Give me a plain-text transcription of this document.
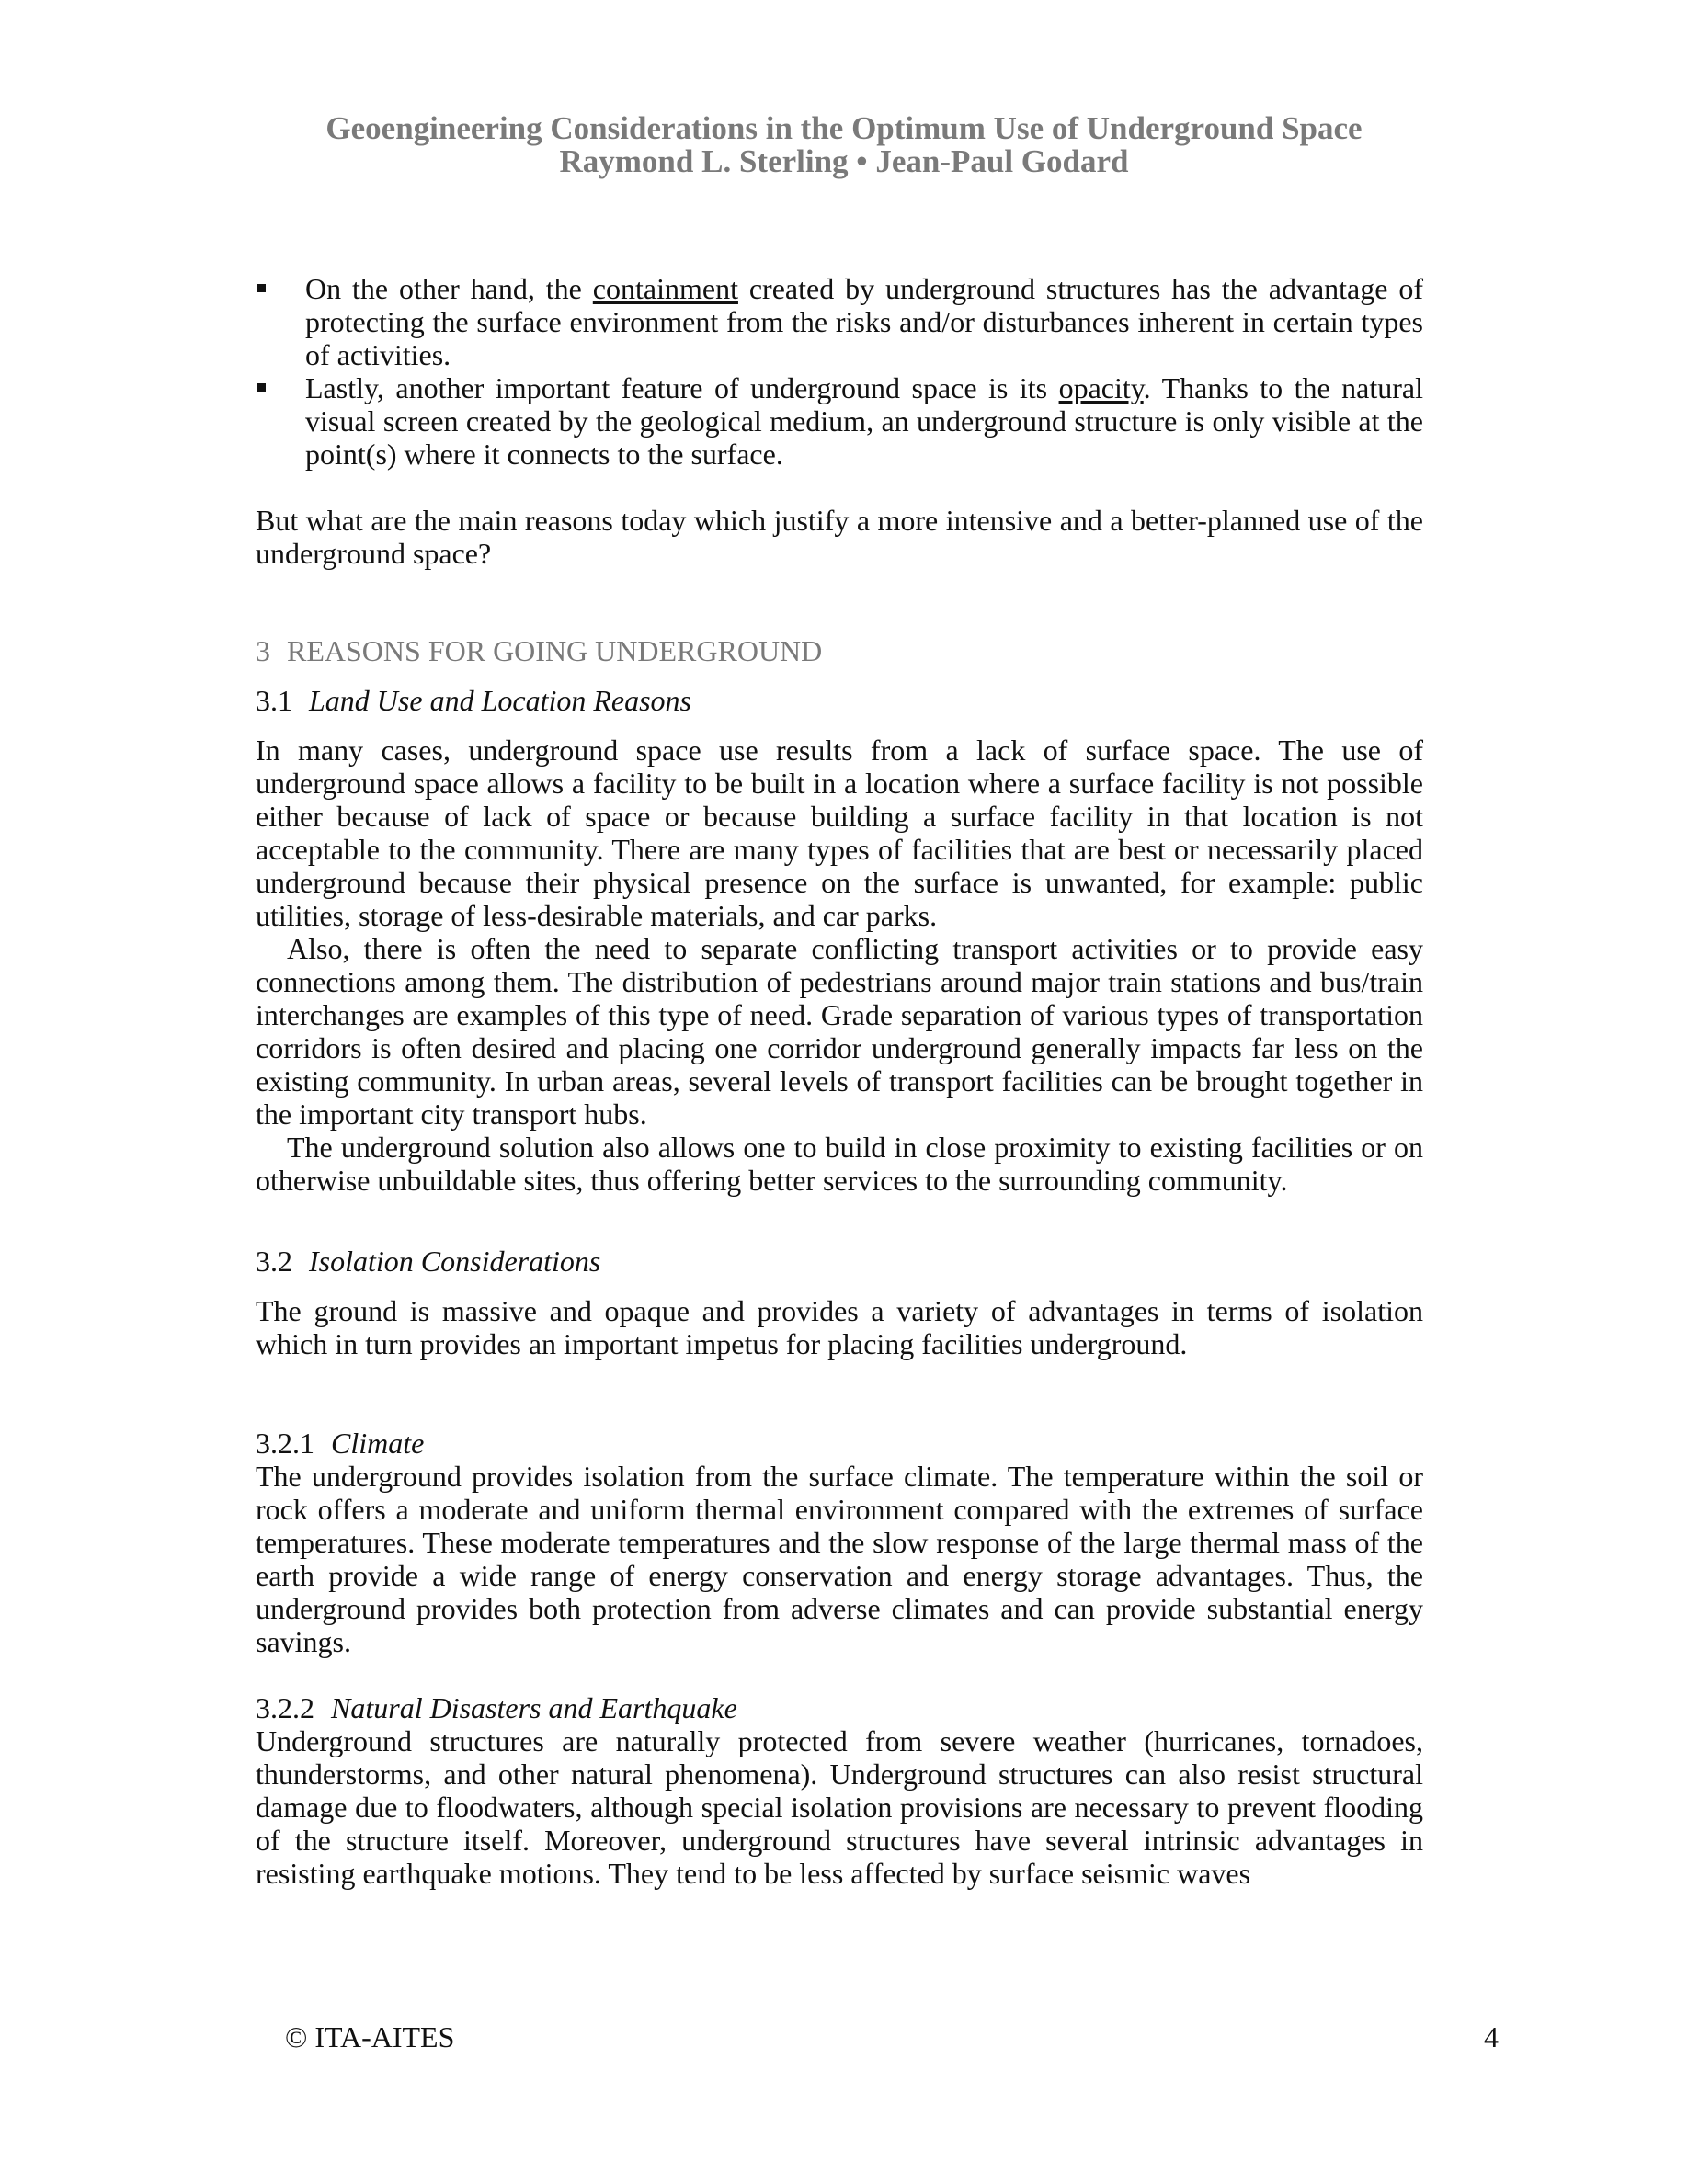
Geoengineering Considerations in the Optimum Use of Underground Space
Raymond L. Sterling • Jean-Paul Godard
On the other hand, the containment created by underground structures has the advantage of protecting the surface environment from the risks and/or disturbances inherent in certain types of activities.
Lastly, another important feature of underground space is its opacity. Thanks to the natural visual screen created by the geological medium, an underground structure is only visible at the point(s) where it connects to the surface.

But what are the main reasons today which justify a more intensive and a better-planned use of the underground space?

3 REASONS FOR GOING UNDERGROUND
3.1 Land Use and Location Reasons

In many cases, underground space use results from a lack of surface space. The use of underground space allows a facility to be built in a location where a surface facility is not possible either because of lack of space or because building a surface facility in that location is not acceptable to the community. There are many types of facilities that are best or necessarily placed underground because their physical presence on the surface is unwanted, for example: public utilities, storage of less-desirable materials, and car parks.

Also, there is often the need to separate conflicting transport activities or to provide easy connections among them. The distribution of pedestrians around major train stations and bus/train interchanges are examples of this type of need. Grade separation of various types of transportation corridors is often desired and placing one corridor underground generally impacts far less on the existing community. In urban areas, several levels of transport facilities can be brought together in the important city transport hubs.

The underground solution also allows one to build in close proximity to existing facilities or on otherwise unbuildable sites, thus offering better services to the surrounding community.

3.2 Isolation Considerations

The ground is massive and opaque and provides a variety of advantages in terms of isolation which in turn provides an important impetus for placing facilities underground.

3.2.1 Climate

The underground provides isolation from the surface climate. The temperature within the soil or rock offers a moderate and uniform thermal environment compared with the extremes of surface temperatures. These moderate temperatures and the slow response of the large thermal mass of the earth provide a wide range of energy conservation and energy storage advantages. Thus, the underground provides both protection from adverse climates and can provide substantial energy savings.

3.2.2 Natural Disasters and Earthquake

Underground structures are naturally protected from severe weather (hurricanes, tornadoes, thunderstorms, and other natural phenomena). Underground structures can also resist structural damage due to floodwaters, although special isolation provisions are necessary to prevent flooding of the structure itself. Moreover, underground structures have several intrinsic advantages in resisting earthquake motions. They tend to be less affected by surface seismic waves

© ITA-AITES	4
